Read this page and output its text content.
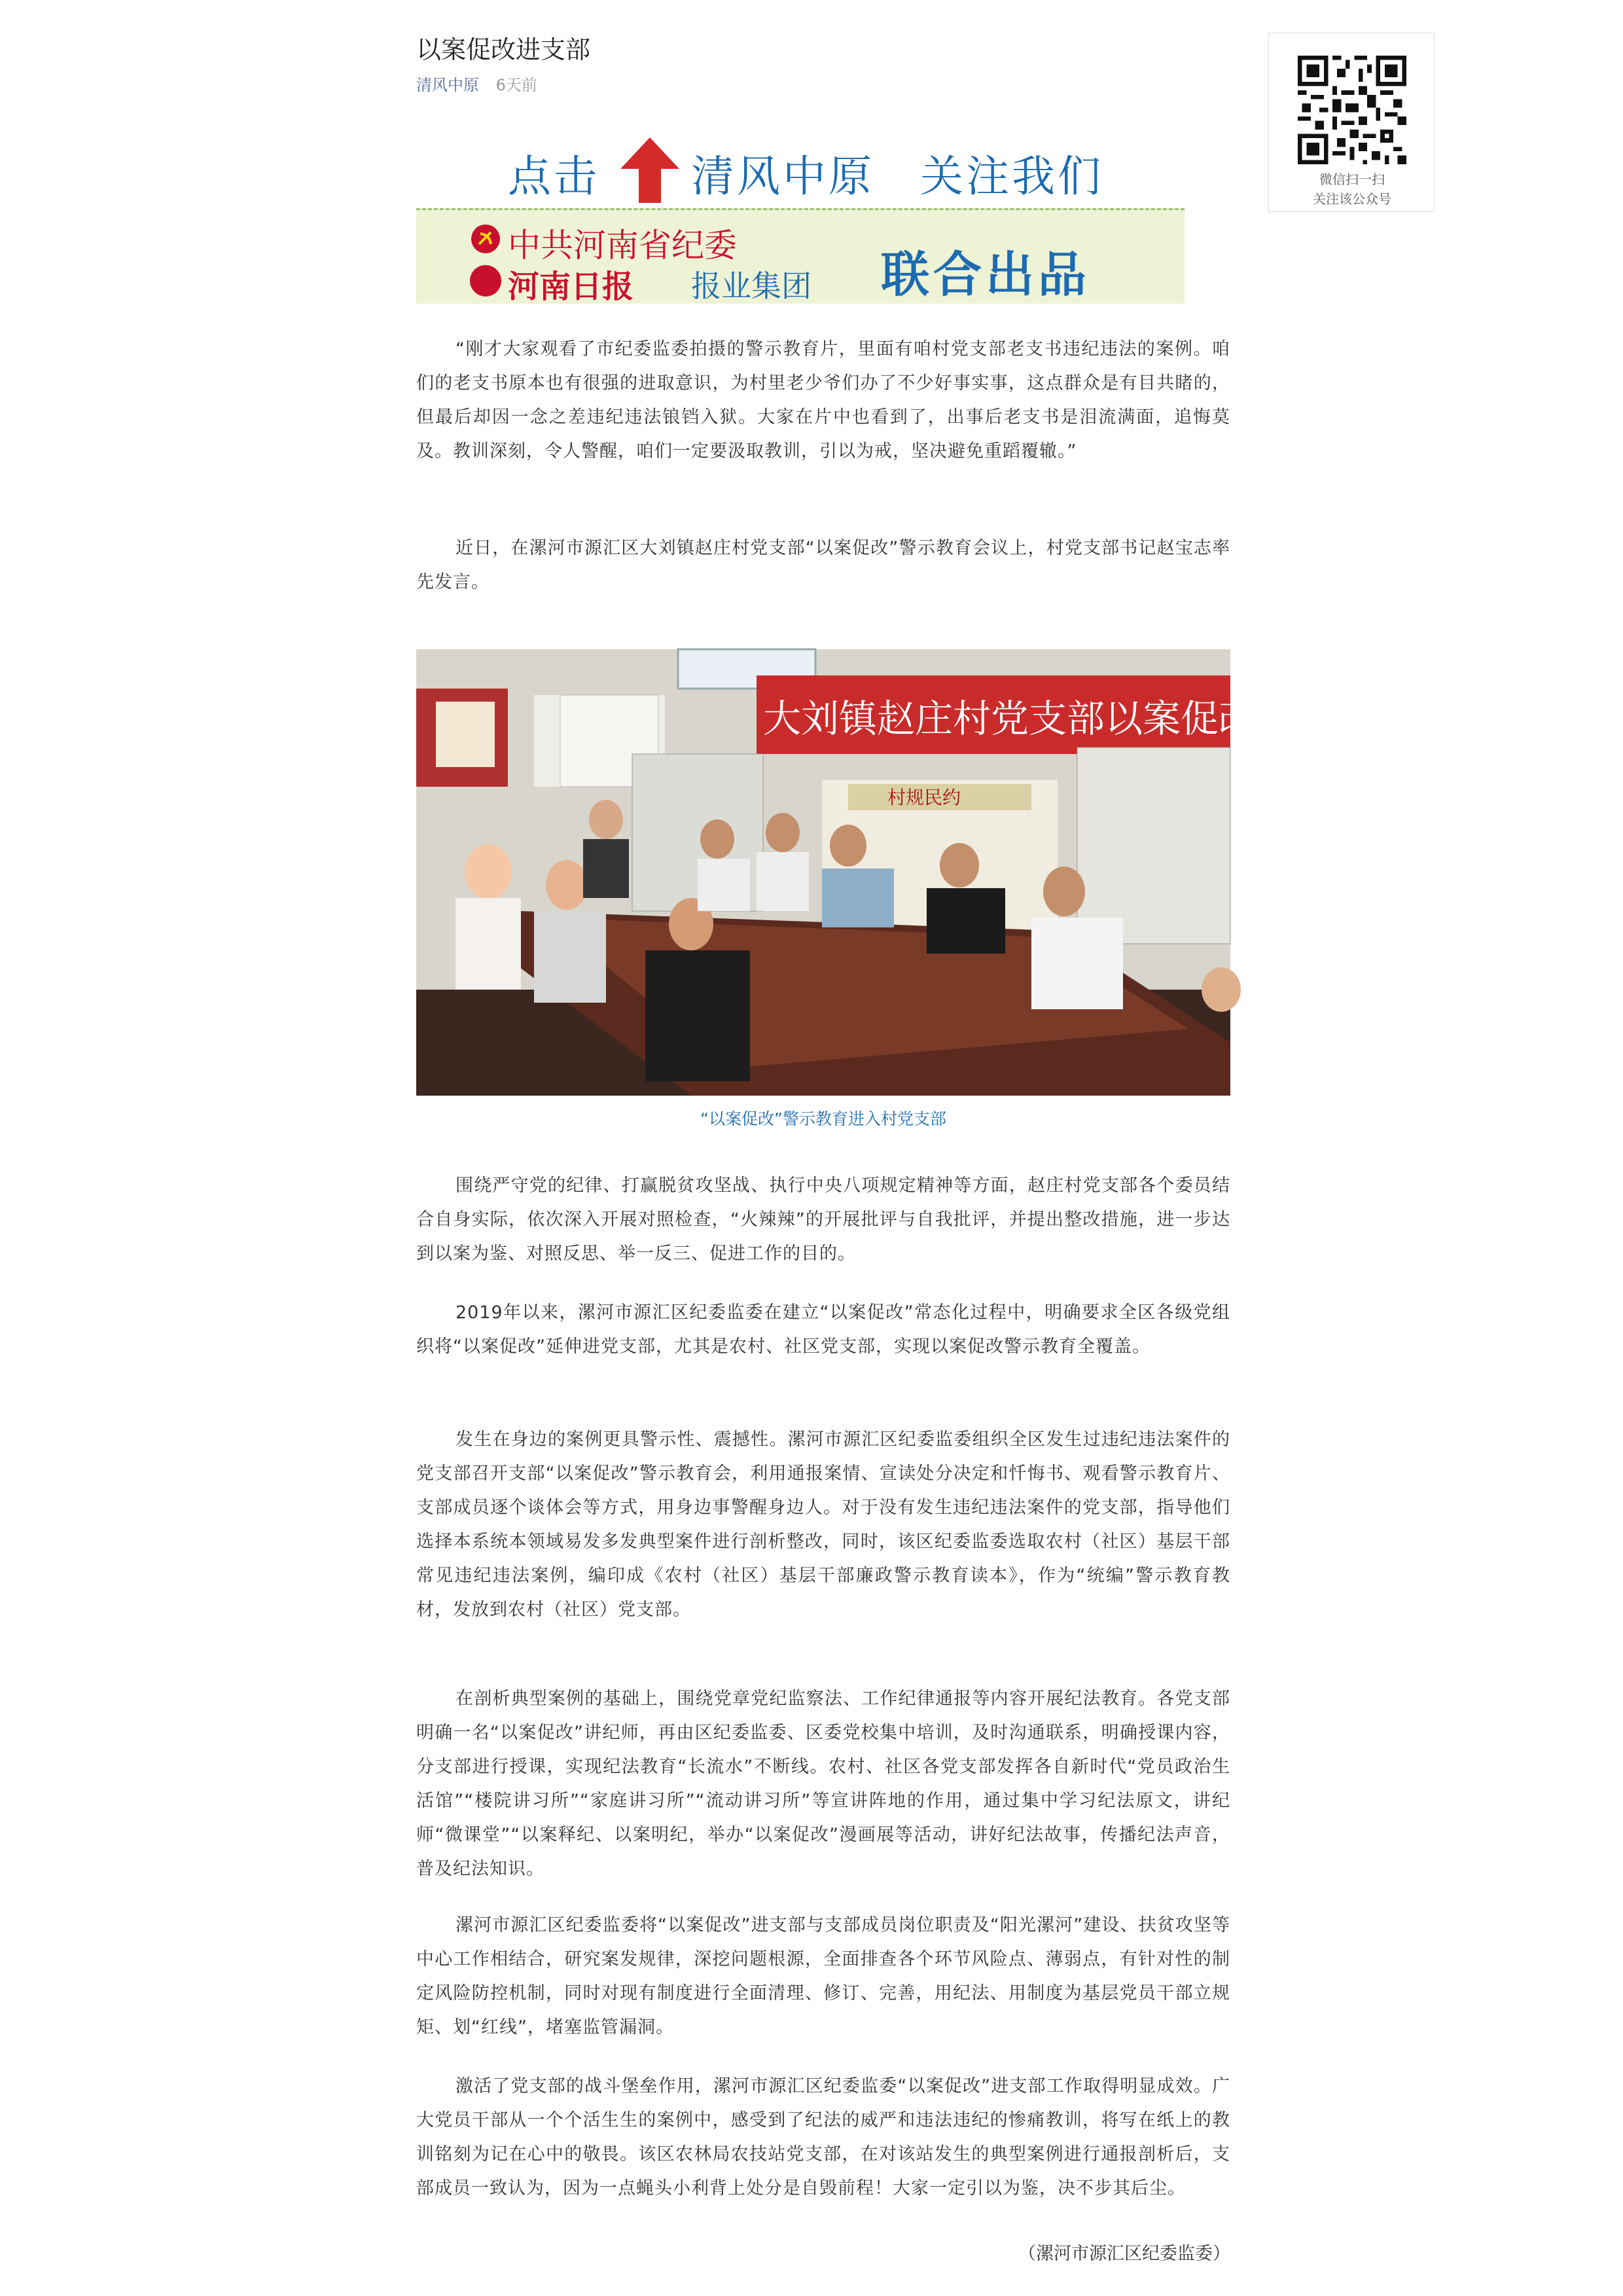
以案促改进支部
清风中原 6天前
点击 清风中原 关注我们
中共河南省纪委
河南日报 报业集团 联合出品

“刚才大家观看了市纪委监委拍摄的警示教育片，里面有咱村党支部老支书违纪违法的案例。咱们的老支书原本也有很强的进取意识，为村里老少爷们办了不少好事实事，这点群众是有目共睹的，但最后却因一念之差违纪违法锒铛入狱。大家在片中也看到了，出事后老支书是泪流满面，追悔莫及。教训深刻，令人警醒，咱们一定要汲取教训，引以为戒，坚决避免重蹈覆辙。”

近日，在漯河市源汇区大刘镇赵庄村党支部“以案促改”警示教育会议上，村党支部书记赵宝志率先发言。

大刘镇赵庄村党支部以案促改警示教育会
村规民约
“以案促改”警示教育进入村党支部

围绕严守党的纪律、打赢脱贫攻坚战、执行中央八项规定精神等方面，赵庄村党支部各个委员结合自身实际，依次深入开展对照检查，“火辣辣”的开展批评与自我批评，并提出整改措施，进一步达到以案为鉴、对照反思、举一反三、促进工作的目的。

2019年以来，漯河市源汇区纪委监委在建立“以案促改”常态化过程中，明确要求全区各级党组织将“以案促改”延伸进党支部，尤其是农村、社区党支部，实现以案促改警示教育全覆盖。

发生在身边的案例更具警示性、震撼性。漯河市源汇区纪委监委组织全区发生过违纪违法案件的党支部召开支部“以案促改”警示教育会，利用通报案情、宣读处分决定和忏悔书、观看警示教育片、支部成员逐个谈体会等方式，用身边事警醒身边人。对于没有发生违纪违法案件的党支部，指导他们选择本系统本领域易发多发典型案件进行剖析整改，同时，该区纪委监委选取农村（社区）基层干部常见违纪违法案例，编印成《农村（社区）基层干部廉政警示教育读本》，作为“统编”警示教育教材，发放到农村（社区）党支部。

在剖析典型案例的基础上，围绕党章党纪监察法、工作纪律通报等内容开展纪法教育。各党支部明确一名“以案促改”讲纪师，再由区纪委监委、区委党校集中培训，及时沟通联系，明确授课内容，分支部进行授课，实现纪法教育“长流水”不断线。农村、社区各党支部发挥各自新时代“党员政治生活馆”“楼院讲习所”“家庭讲习所”“流动讲习所”等宣讲阵地的作用，通过集中学习纪法原文，讲纪师“微课堂”“以案释纪、以案明纪，举办“以案促改”漫画展等活动，讲好纪法故事，传播纪法声音，普及纪法知识。

漯河市源汇区纪委监委将“以案促改”进支部与支部成员岗位职责及“阳光漯河”建设、扶贫攻坚等中心工作相结合，研究案发规律，深挖问题根源，全面排查各个环节风险点、薄弱点，有针对性的制定风险防控机制，同时对现有制度进行全面清理、修订、完善，用纪法、用制度为基层党员干部立规矩、划“红线”，堵塞监管漏洞。

激活了党支部的战斗堡垒作用，漯河市源汇区纪委监委“以案促改”进支部工作取得明显成效。广大党员干部从一个个活生生的案例中，感受到了纪法的威严和违法违纪的惨痛教训，将写在纸上的教训铭刻为记在心中的敬畏。该区农林局农技站党支部，在对该站发生的典型案例进行通报剖析后，支部成员一致认为，因为一点蝇头小利背上处分是自毁前程！大家一定引以为鉴，决不步其后尘。

（漯河市源汇区纪委监委）
微信扫一扫
关注该公众号
